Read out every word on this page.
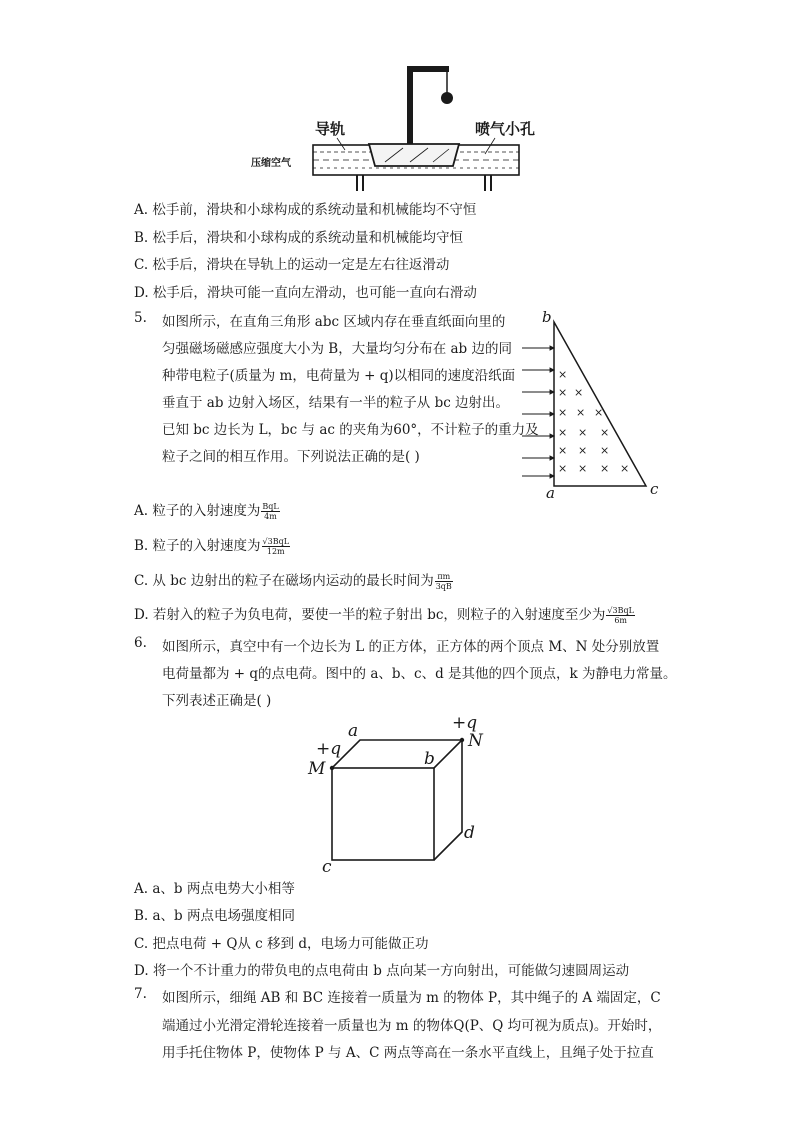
导轨	喷气小孔
压缩空气
A. 松手前，滑块和小球构成的系统动量和机械能均不守恒
B. 松手后，滑块和小球构成的系统动量和机械能均守恒
C. 松手后，滑块在导轨上的运动一定是左右往返滑动
D. 松手后，滑块可能一直向左滑动，也可能一直向右滑动
5. 如图所示，在直角三角形 abc 区域内存在垂直纸面向里的
匀强磁场磁感应强度大小为 B，大量均匀分布在 ab 边的同
种带电粒子(质量为 m，电荷量为 + q)以相同的速度沿纸面
垂直于 ab 边射入场区，结果有一半的粒子从 bc 边射出。
已知 bc 边长为 L，bc 与 ac 的夹角为60°，不计粒子的重力及
粒子之间的相互作用。下列说法正确的是( )
×
× ×
× × ×
× × ×
× × ×
× × × ×
b
a	c
A. 粒子的入射速度为 $\frac{\text{BqL}}{4m}$
B. 粒子的入射速度为 $\frac{\text{√3BqL}}{12m}$
C. 从 bc 边射出的粒子在磁场内运动的最长时间为 $\frac{\pi m}{3qB}$
D. 若射入的粒子为负电荷，要使一半的粒子射出 bc，则粒子的入射速度至少为 $\frac{\text{√3BqL}}{6m}$
6. 如图所示，真空中有一个边长为 L 的正方体，正方体的两个顶点 M、N 处分别放置
电荷量都为 + q的点电荷。图中的 a、b、c、d 是其他的四个顶点，k 为静电力常量。
下列表述正确是( )
a
b
c
d
M
N
+q
+q
A. a、b 两点电势大小相等
B. a、b 两点电场强度相同
C. 把点电荷 + Q从 c 移到 d，电场力可能做正功
D. 将一个不计重力的带负电的点电荷由 b 点向某一方向射出，可能做匀速圆周运动
7. 如图所示，细绳 AB 和 BC 连接着一质量为 m 的物体 P，其中绳子的 A 端固定，C
端通过小光滑定滑轮连接着一质量也为 m 的物体Q(P、Q 均可视为质点)。开始时，
用手托住物体 P，使物体 P 与 A、C 两点等高在一条水平直线上，且绳子处于拉直
